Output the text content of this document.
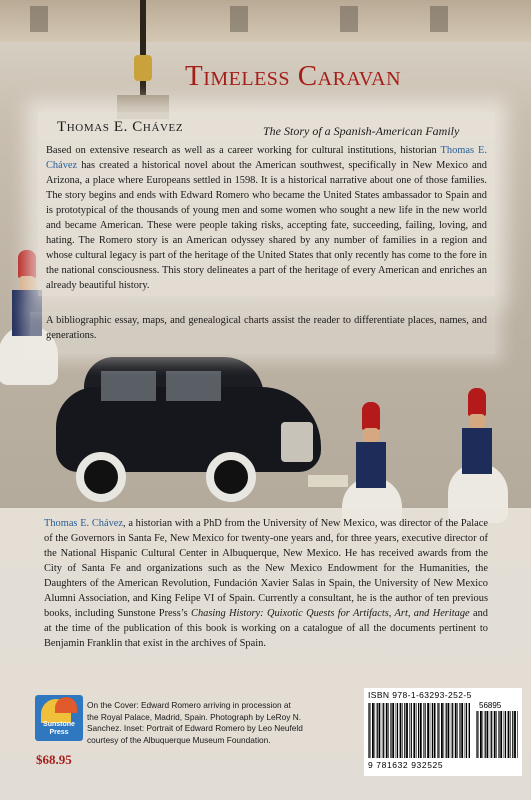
Timeless Caravan
Thomas E. Chávez	The Story of a Spanish-American Family

Based on extensive research as well as a career working for cultural institutions, historian Thomas E. Chávez has created a historical novel about the American southwest, specifically in New Mexico and Arizona, a place where Europeans settled in 1598. It is a historical narrative about one of those families. The story begins and ends with Edward Romero who became the United States ambassador to Spain and is prototypical of the thousands of young men and some women who sought a new life in the new world and became American. These were people taking risks, accepting fate, succeeding, failing, loving, and hating. The Romero story is an American odyssey shared by any number of families in a region and whose cultural legacy is part of the heritage of the United States that only recently has come to the fore in the national consciousness. This story delineates a part of the heritage of every American and enriches an already beautiful history.

A bibliographic essay, maps, and genealogical charts assist the reader to differentiate places, names, and generations.

Thomas E. Chávez, a historian with a PhD from the University of New Mexico, was director of the Palace of the Governors in Santa Fe, New Mexico for twenty-one years and, for three years, executive director of the National Hispanic Cultural Center in Albuquerque, New Mexico. He has received awards from the City of Santa Fe and organizations such as the New Mexico Endowment for the Humanities, the Daughters of the American Revolution, Fundación Xavier Salas in Spain, the University of New Mexico Alumni Association, and King Felipe VI of Spain. Currently a consultant, he is the author of ten previous books, including Sunstone Press’s Chasing History: Quixotic Quests for Artifacts, Art, and Heritage and at the time of the publication of this book is working on a catalogue of all the documents pertinent to Benjamin Franklin that exist in the archives of Spain.

Sunstone
Press
$68.95
On the Cover: Edward Romero arriving in procession at the Royal Palace, Madrid, Spain. Photograph by LeRoy N. Sanchez. Inset: Portrait of Edward Romero by Leo Neufeld courtesy of the Albuquerque Museum Foundation.
ISBN 978-1-63293-252-5
56895
9 781632 932525
